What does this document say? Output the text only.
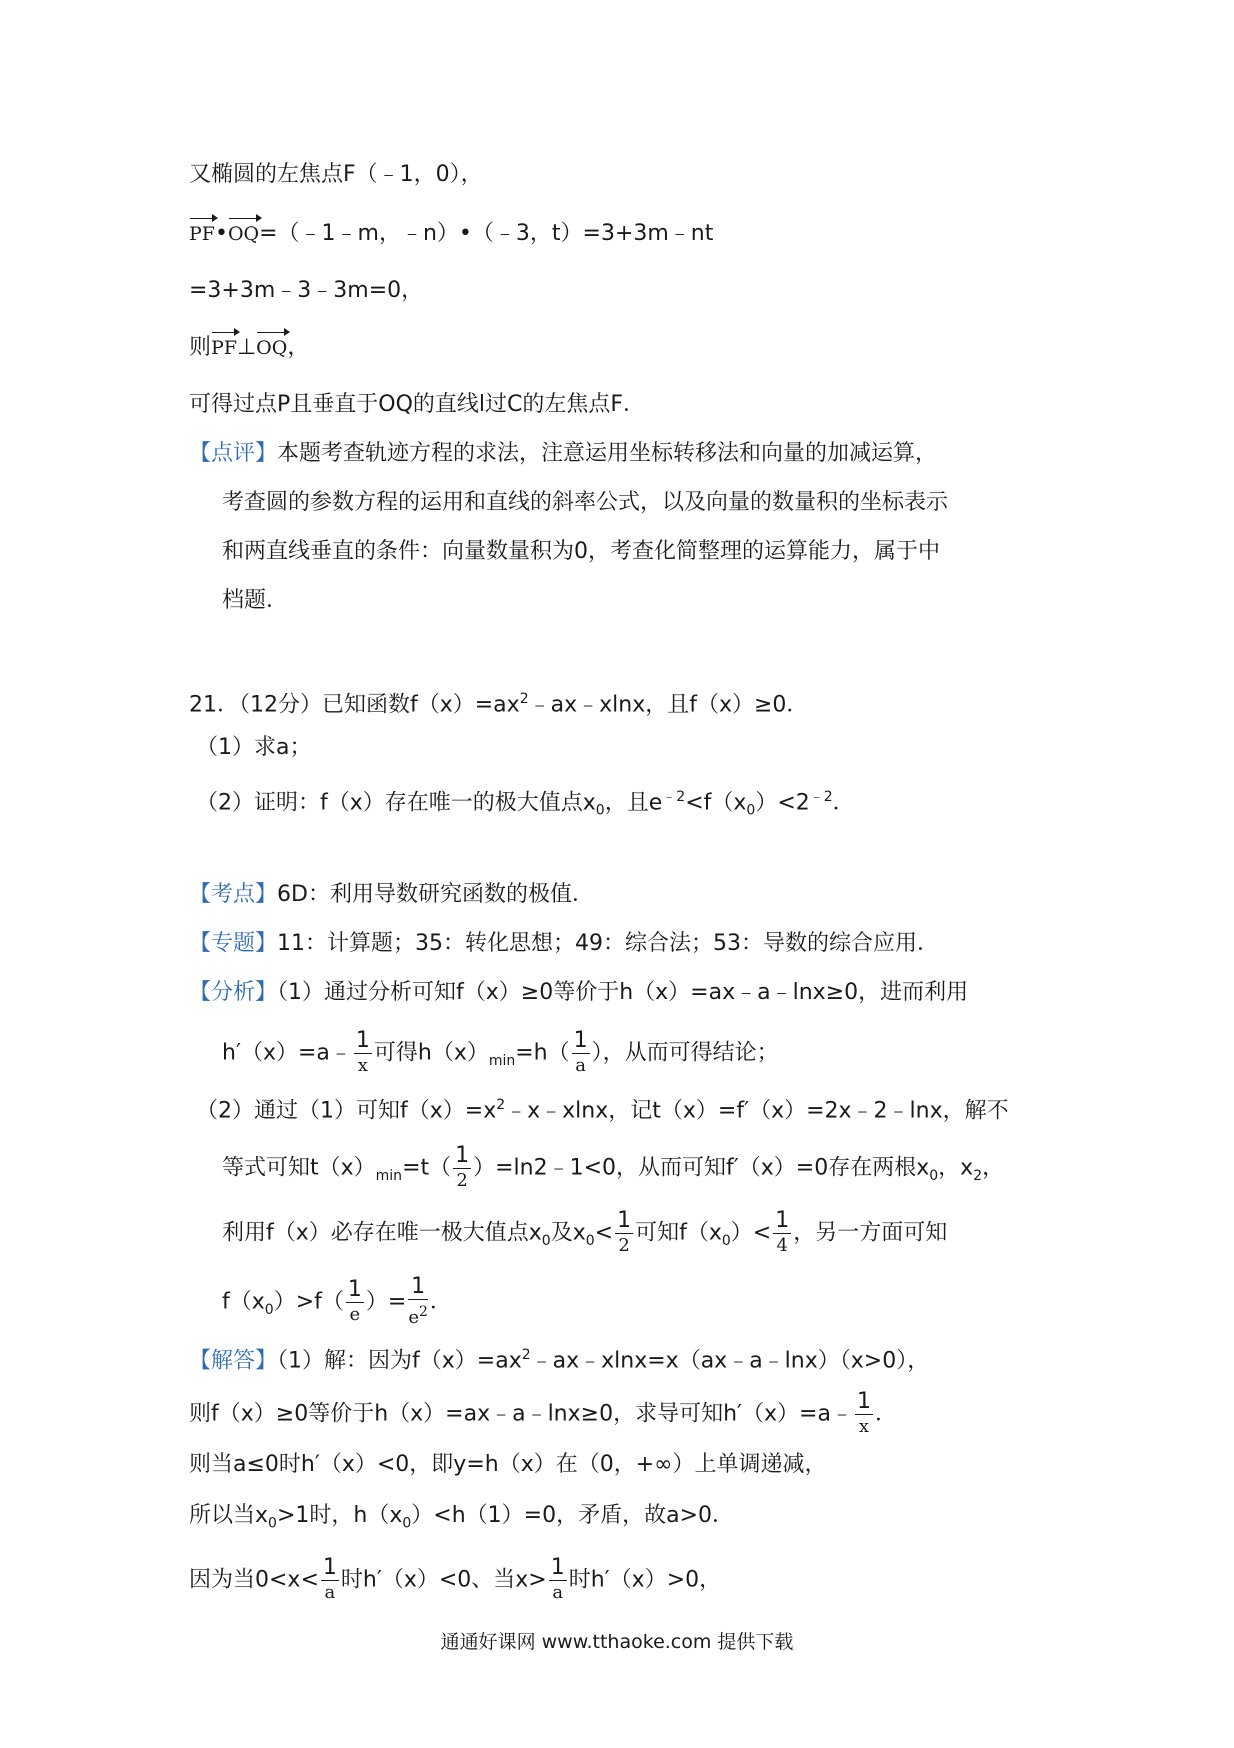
又椭圆的左焦点F（﹣1，0），
PF•OQ=（﹣1﹣m，﹣n）•（﹣3，t）=3+3m﹣nt
=3+3m﹣3﹣3m=0，
则PF⊥OQ，
可得过点P且垂直于OQ的直线l过C的左焦点F．
【点评】本题考查轨迹方程的求法，注意运用坐标转移法和向量的加减运算，
考查圆的参数方程的运用和直线的斜率公式，以及向量的数量积的坐标表示
和两直线垂直的条件：向量数量积为0，考查化简整理的运算能力，属于中
档题．
21．（12分）已知函数$f(x)=ax^2﹣ax﹣xlnx$，且f（x）≥0．
（1）求a；
（2）证明：f（x）存在唯一的极大值点$x_0$，且$e^{﹣2}<f(x_0)<2^{﹣2}$．
【考点】6D：利用导数研究函数的极值．
【专题】11：计算题；35：转化思想；49：综合法；53：导数的综合应用．
【分析】（1）通过分析可知f（x）≥0等价于h（x）=ax﹣a﹣lnx≥0，进而利用
h′（x）=a﹣ $\frac{1}{x}$ 可得$h(x)_{min}=h( \frac{1}{a}$ ），从而可得结论；
（2）通过（1）可知$f(x)=x^2﹣x﹣xlnx$，记t（x）=f′（x）=2x﹣2﹣lnx，解不
等式可知$t(x)_{min}=t( \frac{1}{2}$ ）=ln2﹣1<0，从而可知f′（x）=0存在两根$x_0$，$x_2$，
利用f（x）必存在唯一极大值点$x_0$及$x_0< \frac{1}{2}$ 可知$f(x_0)< \frac{1}{4}$ ，另一方面可知
$f(x_0)>f( \frac{1}{e}$ ）= $\frac{1}{e^2}$ ．
【解答】（1）解：因为$f(x)=ax^2﹣ax﹣xlnx=x(ax﹣a﹣\ln x)(x>0)$，
则f（x）≥0等价于h（x）=ax﹣a﹣lnx≥0，求导可知h′（x）=a﹣ $\frac{1}{x}$ ．
则当a≤0时h′（x）<0，即y=h（x）在（0，+∞）上单调递减，
所以当$x_0>1$时，$h(x_0)<h(1)=0$，矛盾，故a>0．
因为当$0<x< \frac{1}{a}$ 时h′（x）<0、当$x> \frac{1}{a}$ 时h′（x）>0，
通通好课网 www.tthaoke.com 提供下载
